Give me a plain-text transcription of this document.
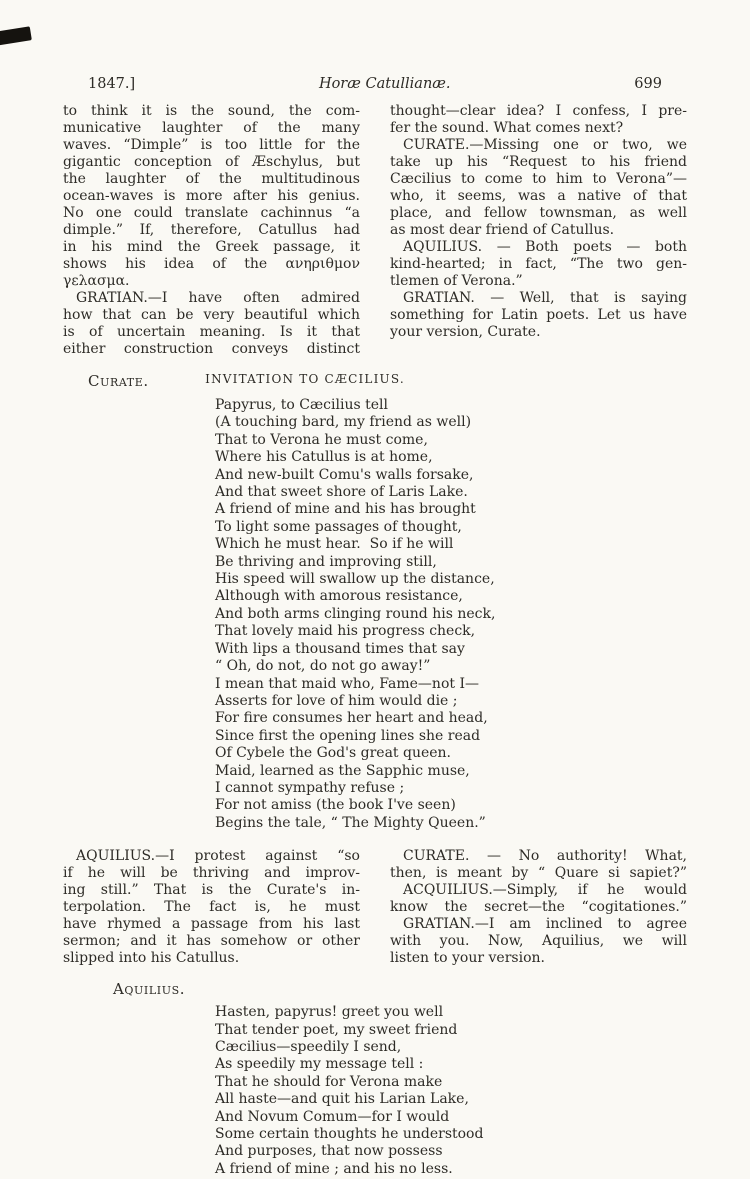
1847.]	Horæ Catullianæ.	699
to think it is the sound, the com-
municative laughter of the many
waves. “Dimple” is too little for the
gigantic conception of Æschylus, but
the laughter of the multitudinous
ocean-waves is more after his genius.
No one could translate cachinnus “a
dimple.” If, therefore, Catullus had
in his mind the Greek passage, it
shows his idea of the ανηριθμον γελασμα.
GRATIAN.—I have often admired
how that can be very beautiful which
is of uncertain meaning. Is it that
either construction conveys distinct
thought—clear idea? I confess, I pre-
fer the sound. What comes next?
CURATE.—Missing one or two, we
take up his “Request to his friend
Cæcilius to come to him to Verona”—
who, it seems, was a native of that
place, and fellow townsman, as well
as most dear friend of Catullus.
AQUILIUS. — Both poets — both
kind-hearted; in fact, “The two gen-
tlemen of Verona.”
GRATIAN. — Well, that is saying
something for Latin poets. Let us have
your version, Curate.
Curate.	INVITATION TO CÆCILIUS.
Papyrus, to Cæcilius tell
(A touching bard, my friend as well)
That to Verona he must come,
Where his Catullus is at home,
And new-built Comu's walls forsake,
And that sweet shore of Laris Lake.
A friend of mine and his has brought
To light some passages of thought,
Which he must hear.  So if he will
Be thriving and improving still,
His speed will swallow up the distance,
Although with amorous resistance,
And both arms clinging round his neck,
That lovely maid his progress check,
With lips a thousand times that say
“ Oh, do not, do not go away!”
I mean that maid who, Fame—not I—
Asserts for love of him would die ;
For fire consumes her heart and head,
Since first the opening lines she read
Of Cybele the God's great queen.
Maid, learned as the Sapphic muse,
I cannot sympathy refuse ;
For not amiss (the book I've seen)
Begins the tale, “ The Mighty Queen.”
AQUILIUS.—I protest against “so
if he will be thriving and improv-
ing still.” That is the Curate's in-
terpolation. The fact is, he must
have rhymed a passage from his last
sermon; and it has somehow or other
slipped into his Catullus.
CURATE. — No authority! What,
then, is meant by “ Quare si sapiet?”
ACQUILIUS.—Simply, if he would
know the secret—the “cogitationes.”
GRATIAN.—I am inclined to agree
with you. Now, Aquilius, we will
listen to your version.
Aquilius.
Hasten, papyrus! greet you well
That tender poet, my sweet friend
Cæcilius—speedily I send,
As speedily my message tell :
That he should for Verona make
All haste—and quit his Larian Lake,
And Novum Comum—for I would
Some certain thoughts he understood
And purposes, that now possess
A friend of mine ; and his no less.
